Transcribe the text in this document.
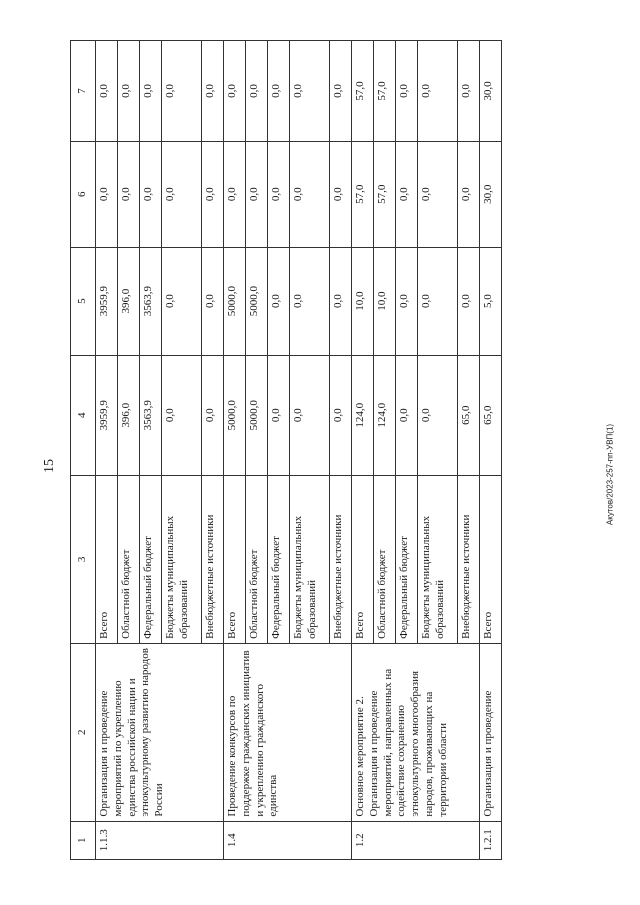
15	Акутов/2023-257-пп-УВП(1)
1	2	3	4	5	6	7
1.1.3	Организация и проведение мероприятий по укреплению единства российской нации и этнокультурному развитию народов России	Всего	3959,9	3959,9	0,0	0,0
		Областной бюджет	396,0	396,0	0,0	0,0
		Федеральный бюджет	3563,9	3563,9	0,0	0,0
		Бюджеты муниципальных образований	0,0	0,0	0,0	0,0
		Внебюджетные источники	0,0	0,0	0,0	0,0
1.4	Проведение конкурсов по поддержке гражданских инициатив и укреплению гражданского единства	Всего	5000,0	5000,0	0,0	0,0
		Областной бюджет	5000,0	5000,0	0,0	0,0
		Федеральный бюджет	0,0	0,0	0,0	0,0
		Бюджеты муниципальных образований	0,0	0,0	0,0	0,0
		Внебюджетные источники	0,0	0,0	0,0	0,0
1.2	Основное мероприятие 2. Организация и проведение мероприятий, направленных на содействие сохранению этнокультурного многообразия народов, проживающих на территории области	Всего	124,0	10,0	57,0	57,0
		Областной бюджет	124,0	10,0	57,0	57,0
		Федеральный бюджет	0,0	0,0	0,0	0,0
		Бюджеты муниципальных образований	0,0	0,0	0,0	0,0
		Внебюджетные источники	65,0	0,0	0,0	0,0
1.2.1	Организация и проведение	Всего	65,0	5,0	30,0	30,0
